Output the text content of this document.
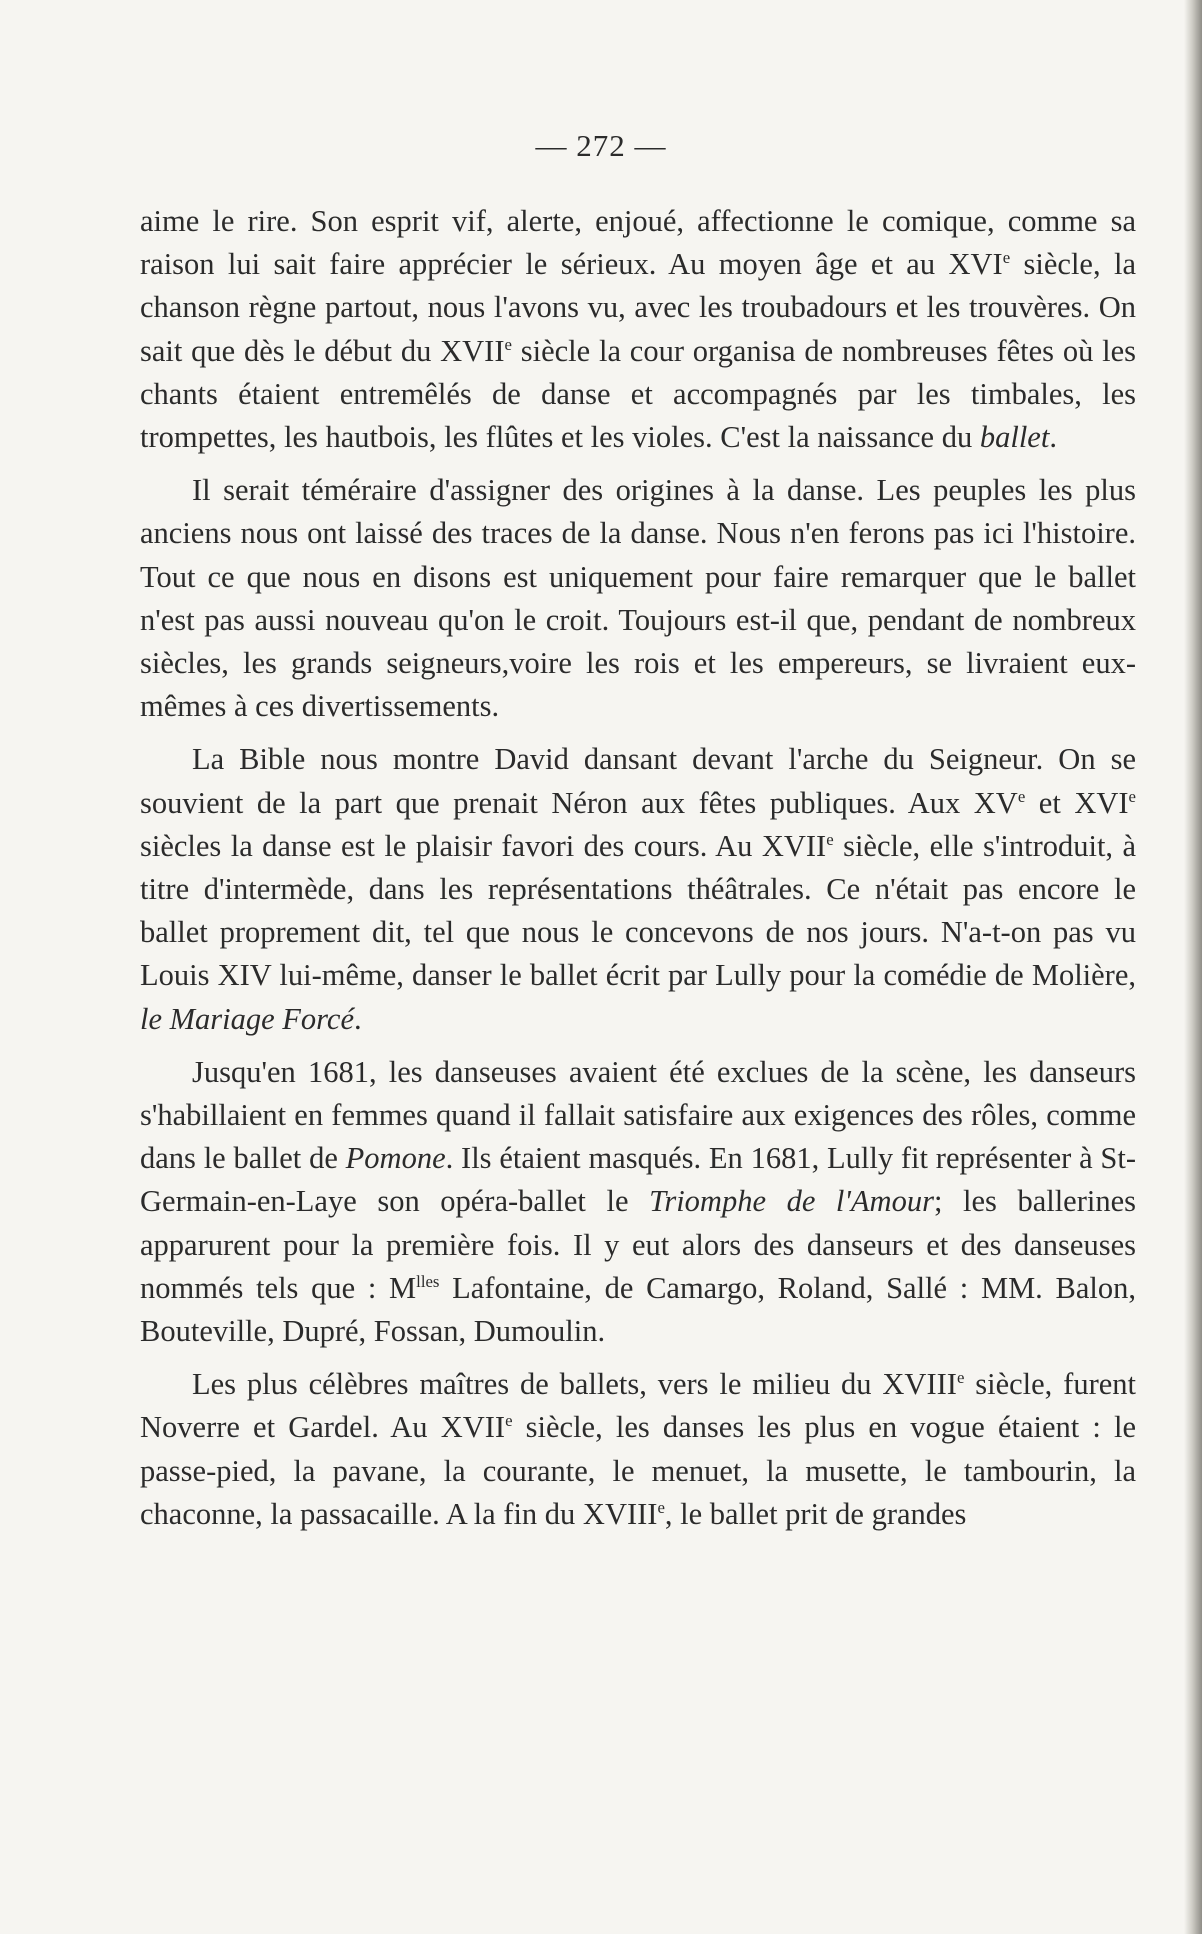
— 272 —

aime le rire. Son esprit vif, alerte, enjoué, affectionne le comique, comme sa raison lui sait faire apprécier le sérieux. Au moyen âge et au XVIe siècle, la chanson règne partout, nous l'avons vu, avec les troubadours et les trouvères. On sait que dès le début du XVIIe siècle la cour organisa de nombreuses fêtes où les chants étaient entremêlés de danse et accompagnés par les timbales, les trompettes, les hautbois, les flûtes et les violes. C'est la naissance du ballet.

Il serait téméraire d'assigner des origines à la danse. Les peuples les plus anciens nous ont laissé des traces de la danse. Nous n'en ferons pas ici l'histoire. Tout ce que nous en disons est uniquement pour faire remarquer que le ballet n'est pas aussi nouveau qu'on le croit. Toujours est-il que, pendant de nombreux siècles, les grands seigneurs,voire les rois et les empereurs, se livraient eux-mêmes à ces divertissements.

La Bible nous montre David dansant devant l'arche du Seigneur. On se souvient de la part que prenait Néron aux fêtes publiques. Aux XVe et XVIe siècles la danse est le plaisir favori des cours. Au XVIIe siècle, elle s'introduit, à titre d'intermède, dans les représentations théâtrales. Ce n'était pas encore le ballet proprement dit, tel que nous le concevons de nos jours. N'a-t-on pas vu Louis XIV lui-même, danser le ballet écrit par Lully pour la comédie de Molière, le Mariage Forcé.

Jusqu'en 1681, les danseuses avaient été exclues de la scène, les danseurs s'habillaient en femmes quand il fallait satisfaire aux exigences des rôles, comme dans le ballet de Pomone. Ils étaient masqués. En 1681, Lully fit représenter à St-Germain-en-Laye son opéra-ballet le Triomphe de l'Amour; les ballerines apparurent pour la première fois. Il y eut alors des danseurs et des danseuses nommés tels que : $M^{lles}$ Lafontaine, de Camargo, Roland, Sallé : MM. Balon, Bouteville, Dupré, Fossan, Dumoulin.

Les plus célèbres maîtres de ballets, vers le milieu du XVIIIe siècle, furent Noverre et Gardel. Au XVIIe siècle, les danses les plus en vogue étaient : le passe-pied, la pavane, la courante, le menuet, la musette, le tambourin, la chaconne, la passacaille. A la fin du XVIIIe, le ballet prit de grandes
